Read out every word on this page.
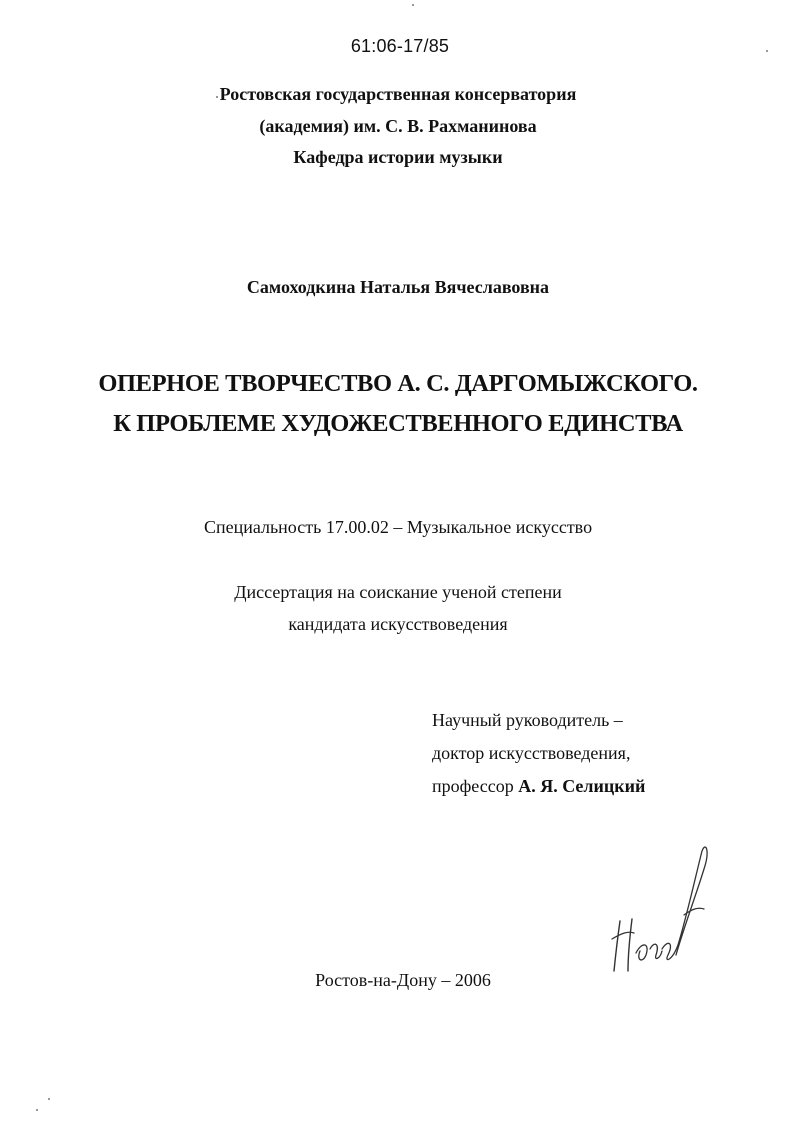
61:06-17/85
Ростовская государственная консерватория
(академия) им. С. В. Рахманинова
Кафедра истории музыки
Самоходкина Наталья Вячеславовна
ОПЕРНОЕ ТВОРЧЕСТВО А. С. ДАРГОМЫЖСКОГО.
К ПРОБЛЕМЕ ХУДОЖЕСТВЕННОГО ЕДИНСТВА
Специальность 17.00.02 – Музыкальное искусство
Диссертация на соискание ученой степени
кандидата искусствоведения
Научный руководитель –
доктор искусствоведения,
профессор А. Я. Селицкий
Ростов-на-Дону – 2006
